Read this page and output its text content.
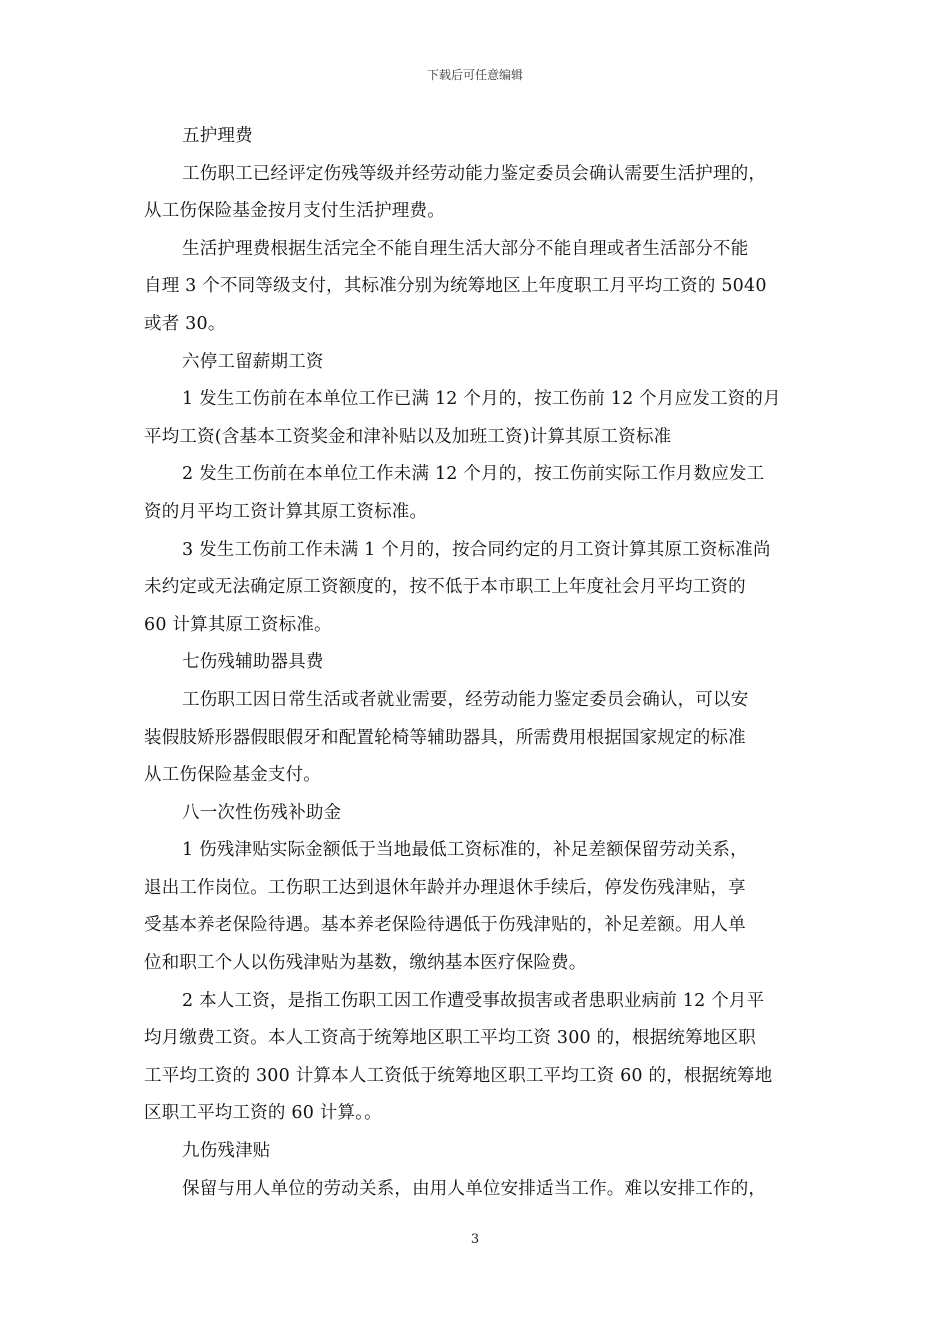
下载后可任意编辑
五护理费
工伤职工已经评定伤残等级并经劳动能力鉴定委员会确认需要生活护理的，
从工伤保险基金按月支付生活护理费。
生活护理费根据生活完全不能自理生活大部分不能自理或者生活部分不能
自理 3 个不同等级支付，其标准分别为统筹地区上年度职工月平均工资的 5040
或者 30。
六停工留薪期工资
1 发生工伤前在本单位工作已满 12 个月的，按工伤前 12 个月应发工资的月
平均工资(含基本工资奖金和津补贴以及加班工资)计算其原工资标准
2 发生工伤前在本单位工作未满 12 个月的，按工伤前实际工作月数应发工
资的月平均工资计算其原工资标准。
3 发生工伤前工作未满 1 个月的，按合同约定的月工资计算其原工资标准尚
未约定或无法确定原工资额度的，按不低于本市职工上年度社会月平均工资的
60 计算其原工资标准。
七伤残辅助器具费
工伤职工因日常生活或者就业需要，经劳动能力鉴定委员会确认，可以安
装假肢矫形器假眼假牙和配置轮椅等辅助器具，所需费用根据国家规定的标准
从工伤保险基金支付。
八一次性伤残补助金
1 伤残津贴实际金额低于当地最低工资标准的，补足差额保留劳动关系，
退出工作岗位。工伤职工达到退休年龄并办理退休手续后，停发伤残津贴，享
受基本养老保险待遇。基本养老保险待遇低于伤残津贴的，补足差额。用人单
位和职工个人以伤残津贴为基数，缴纳基本医疗保险费。
2 本人工资，是指工伤职工因工作遭受事故损害或者患职业病前 12 个月平
均月缴费工资。本人工资高于统筹地区职工平均工资 300 的，根据统筹地区职
工平均工资的 300 计算本人工资低于统筹地区职工平均工资 60 的，根据统筹地
区职工平均工资的 60 计算。。
九伤残津贴
保留与用人单位的劳动关系，由用人单位安排适当工作。难以安排工作的，
3
